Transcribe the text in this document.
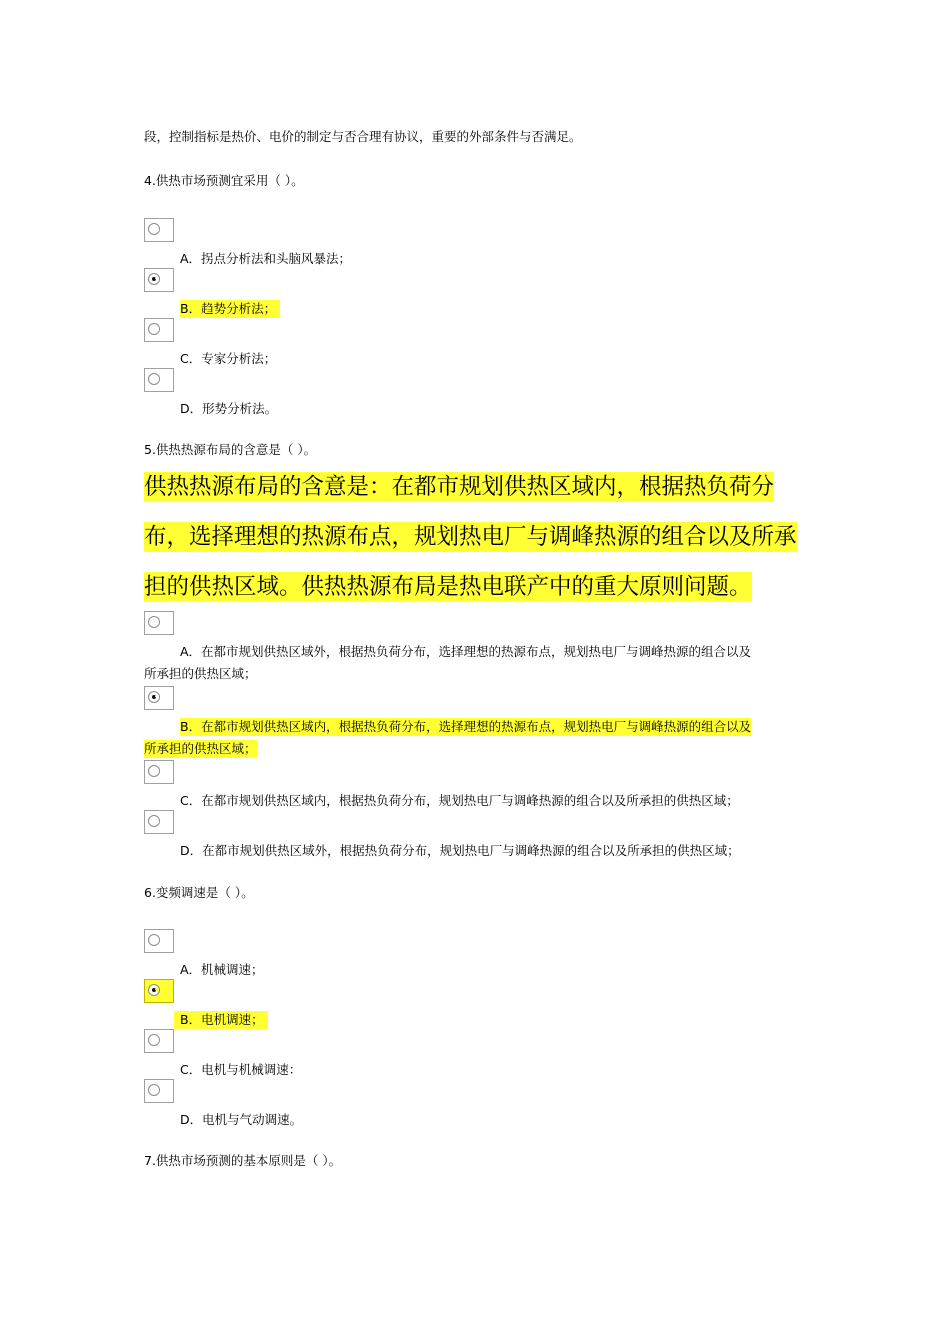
段，控制指标是热价、电价的制定与否合理有协议，重要的外部条件与否满足。
4.供热市场预测宜采用（ ）。
A．拐点分析法和头脑风暴法；
B．趋势分析法；
C．专家分析法；
D．形势分析法。
5.供热热源布局的含意是（ ）。
供热热源布局的含意是：在都市规划供热区域内，根据热负荷分
布，选择理想的热源布点，规划热电厂与调峰热源的组合以及所承
担的供热区域。供热热源布局是热电联产中的重大原则问题。
A．在都市规划供热区域外，根据热负荷分布，选择理想的热源布点，规划热电厂与调峰热源的组合以及
所承担的供热区域；
B．在都市规划供热区域内，根据热负荷分布，选择理想的热源布点，规划热电厂与调峰热源的组合以及
所承担的供热区域；
C．在都市规划供热区域内，根据热负荷分布，规划热电厂与调峰热源的组合以及所承担的供热区域；
D．在都市规划供热区域外，根据热负荷分布，规划热电厂与调峰热源的组合以及所承担的供热区域；
6.变频调速是（ ）。
A．机械调速；
B．电机调速；
C．电机与机械调速：
D．电机与气动调速。
7.供热市场预测的基本原则是（ ）。
